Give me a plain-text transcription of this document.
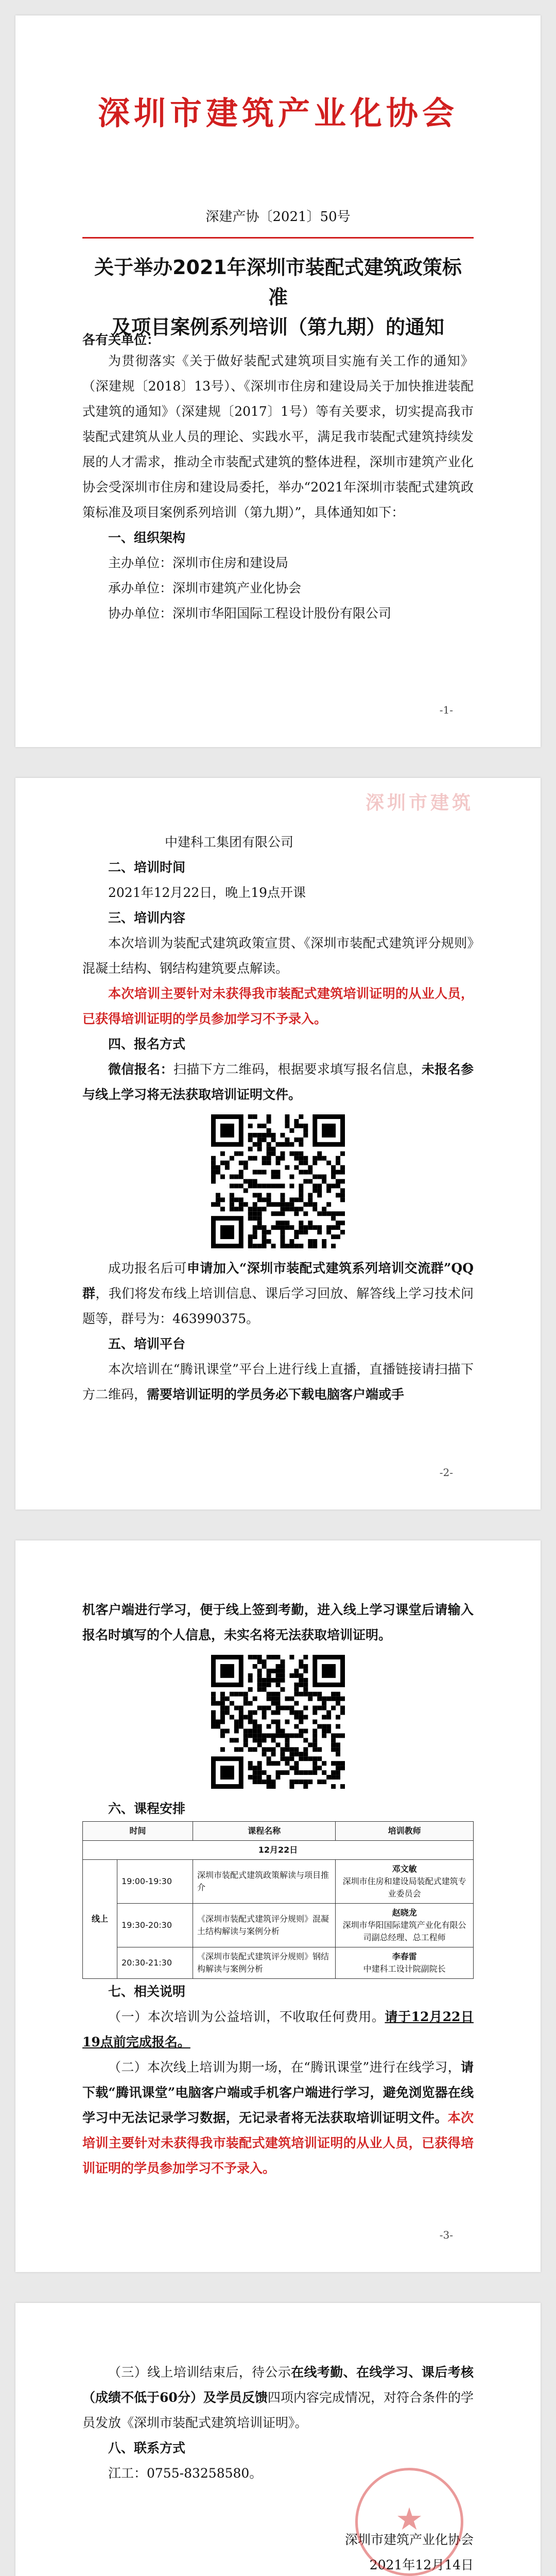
深圳市建筑产业化协会
深建产协〔2021〕50号
关于举办2021年深圳市装配式建筑政策标准
及项目案例系列培训（第九期）的通知
各有关单位：
为贯彻落实《关于做好装配式建筑项目实施有关工作的通知》（深建规〔2018〕13号）、《深圳市住房和建设局关于加快推进装配式建筑的通知》（深建规〔2017〕1号）等有关要求，切实提高我市装配式建筑从业人员的理论、实践水平，满足我市装配式建筑持续发展的人才需求，推动全市装配式建筑的整体进程，深圳市建筑产业化协会受深圳市住房和建设局委托，举办“2021年深圳市装配式建筑政策标准及项目案例系列培训（第九期）”，具体通知如下：
一、组织架构
主办单位：深圳市住房和建设局
承办单位：深圳市建筑产业化协会
协办单位：深圳市华阳国际工程设计股份有限公司
-1-
深圳市建筑
中建科工集团有限公司
二、培训时间
2021年12月22日，晚上19点开课
三、培训内容
本次培训为装配式建筑政策宣贯、《深圳市装配式建筑评分规则》混凝土结构、钢结构建筑要点解读。
本次培训主要针对未获得我市装配式建筑培训证明的从业人员，已获得培训证明的学员参加学习不予录入。
四、报名方式
微信报名：扫描下方二维码，根据要求填写报名信息，未报名参与线上学习将无法获取培训证明文件。
成功报名后可申请加入“深圳市装配式建筑系列培训交流群”QQ群，我们将发布线上培训信息、课后学习回放、解答线上学习技术问题等，群号为：463990375。
五、培训平台
本次培训在“腾讯课堂”平台上进行线上直播，直播链接请扫描下方二维码，需要培训证明的学员务必下载电脑客户端或手
-2-
机客户端进行学习，便于线上签到考勤，进入线上学习课堂后请输入报名时填写的个人信息，未实名将无法获取培训证明。
六、课程安排
时间		课程名称	培训教师
12月22日			
线上	19:00-19:30	深圳市装配式建筑政策解读与项目推介	邓文敏
深圳市住房和建设局装配式建筑专业委员会

	19:30-20:30	《深圳市装配式建筑评分规则》混凝土结构解读与案例分析	赵晓龙
深圳市华阳国际建筑产业化有限公司副总经理、总工程师

	20:30-21:30	《深圳市装配式建筑评分规则》钢结构解读与案例分析	李春雷
中建科工设计院副院长
七、相关说明
（一）本次培训为公益培训，不收取任何费用。请于12月22日19点前完成报名。
（二）本次线上培训为期一场，在“腾讯课堂”进行在线学习，请下载“腾讯课堂”电脑客户端或手机客户端进行学习，避免浏览器在线学习中无法记录学习数据，无记录者将无法获取培训证明文件。本次培训主要针对未获得我市装配式建筑培训证明的从业人员，已获得培训证明的学员参加学习不予录入。
-3-
（三）线上培训结束后，待公示在线考勤、在线学习、课后考核（成绩不低于60分）及学员反馈四项内容完成情况，对符合条件的学员发放《深圳市装配式建筑培训证明》。
八、联系方式
江工：0755-83258580。
深圳市建筑产业化协会
2021年12月14日
★
